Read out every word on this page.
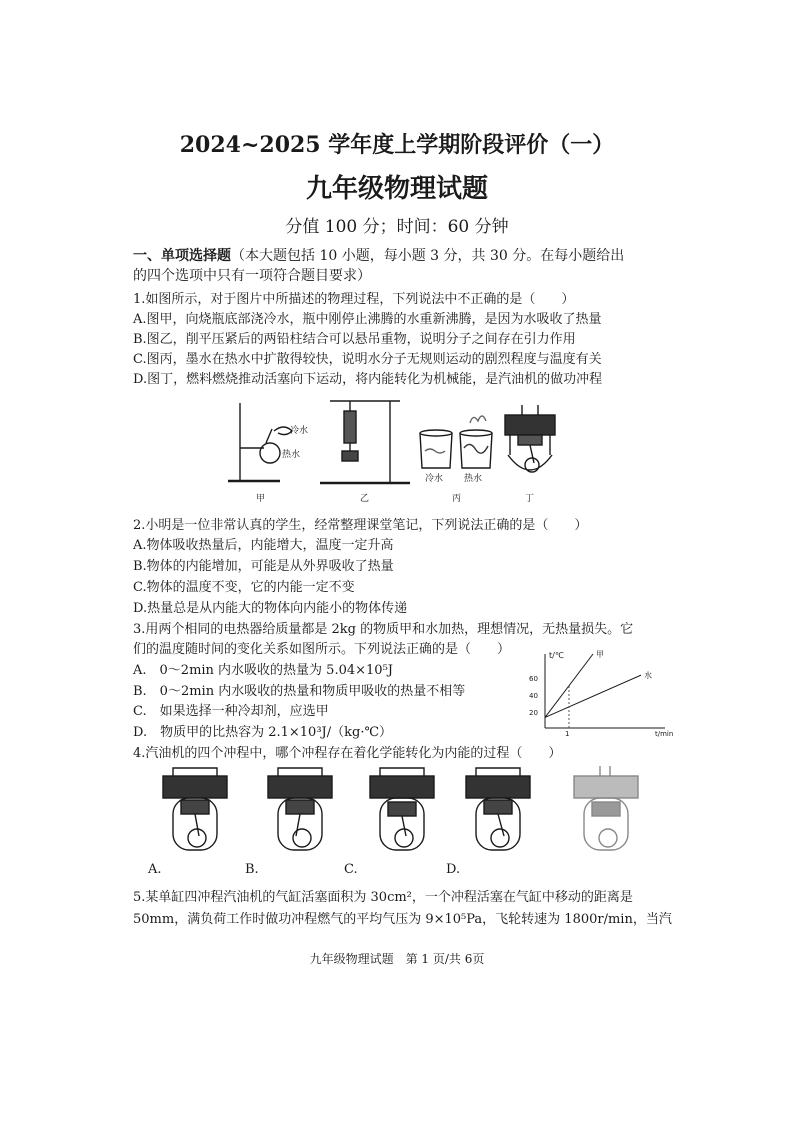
2024~2025 学年度上学期阶段评价（一）
九年级物理试题
分值 100 分；时间：60 分钟
一、单项选择题（本大题包括 10 小题，每小题 3 分，共 30 分。在每小题给出
的四个选项中只有一项符合题目要求）
1.如图所示，对于图片中所描述的物理过程，下列说法中不正确的是（　　）
A.图甲，向烧瓶底部浇冷水，瓶中刚停止沸腾的水重新沸腾，是因为水吸收了热量
B.图乙，削平压紧后的两铅柱结合可以悬吊重物，说明分子之间存在引力作用
C.图丙，墨水在热水中扩散得较快，说明水分子无规则运动的剧烈程度与温度有关
D.图丁，燃料燃烧推动活塞向下运动，将内能转化为机械能，是汽油机的做功冲程
冷水
热水
冷水 热水
甲	乙	丙	丁
2.小明是一位非常认真的学生，经常整理课堂笔记，下列说法正确的是（　　）
A.物体吸收热量后，内能增大，温度一定升高
B.物体的内能增加，可能是从外界吸收了热量
C.物体的温度不变，它的内能一定不变
D.热量总是从内能大的物体向内能小的物体传递
3.用两个相同的电热器给质量都是 2kg 的物质甲和水加热，理想情况，无热量损失。它
们的温度随时间的变化关系如图所示。下列说法正确的是（　　）
A.　0～2min 内水吸收的热量为 5.04×10⁵J
B.　0～2min 内水吸收的热量和物质甲吸收的热量不相等
C.　如果选择一种冷却剂，应选甲
D.　物质甲的比热容为 2.1×10³J/（kg·℃）
t/℃
t/min
60
40
20
1
甲
水
4.汽油机的四个冲程中，哪个冲程存在着化学能转化为内能的过程（　　）
A.	B.	C.	D.
5.某单缸四冲程汽油机的气缸活塞面积为 30cm²，一个冲程活塞在气缸中移动的距离是
50mm，满负荷工作时做功冲程燃气的平均气压为 9×10⁵Pa，飞轮转速为 1800r/min，当汽
九年级物理试题　第 1 页/共 6页
